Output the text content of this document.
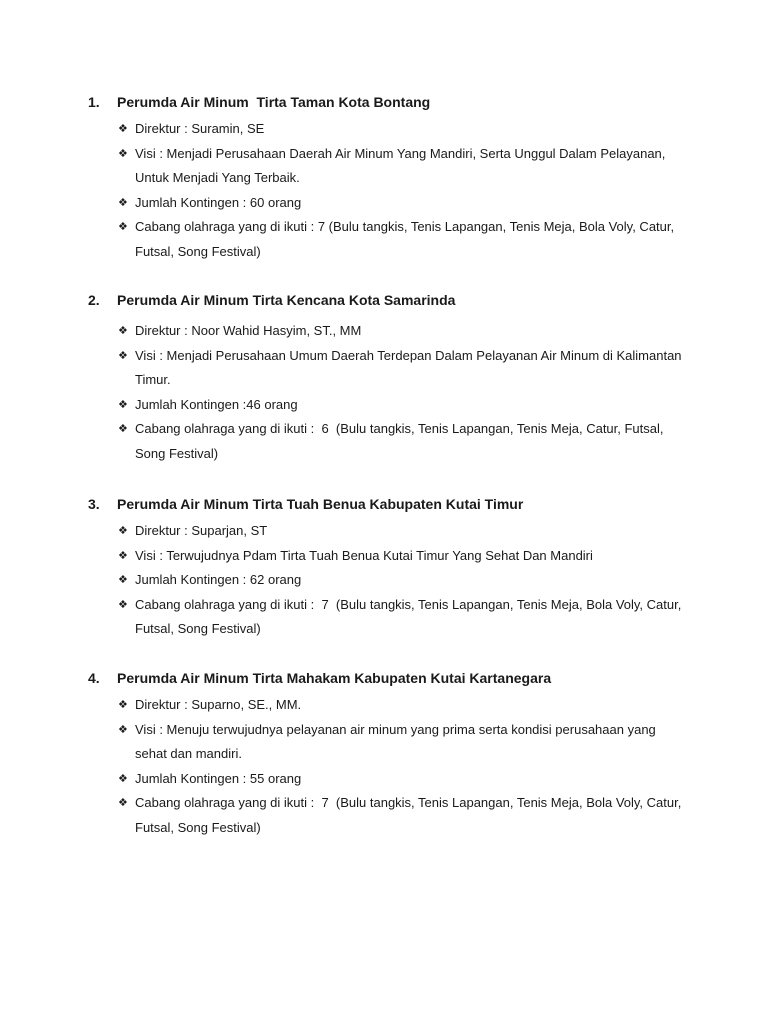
1.	Perumda Air Minum  Tirta Taman Kota Bontang
❖ Direktur : Suramin, SE
❖ Visi : Menjadi Perusahaan Daerah Air Minum Yang Mandiri, Serta Unggul Dalam Pelayanan, Untuk Menjadi Yang Terbaik.
❖ Jumlah Kontingen : 60 orang
❖ Cabang olahraga yang di ikuti : 7 (Bulu tangkis, Tenis Lapangan, Tenis Meja, Bola Voly, Catur, Futsal, Song Festival)
2.	Perumda Air Minum Tirta Kencana Kota Samarinda
❖ Direktur : Noor Wahid Hasyim, ST., MM
❖ Visi : Menjadi Perusahaan Umum Daerah Terdepan Dalam Pelayanan Air Minum di Kalimantan Timur.
❖ Jumlah Kontingen :46 orang
❖ Cabang olahraga yang di ikuti :  6  (Bulu tangkis, Tenis Lapangan, Tenis Meja, Catur, Futsal, Song Festival)
3.	Perumda Air Minum Tirta Tuah Benua Kabupaten Kutai Timur
❖ Direktur : Suparjan, ST
❖ Visi : Terwujudnya Pdam Tirta Tuah Benua Kutai Timur Yang Sehat Dan Mandiri
❖ Jumlah Kontingen : 62 orang
❖ Cabang olahraga yang di ikuti :  7  (Bulu tangkis, Tenis Lapangan, Tenis Meja, Bola Voly, Catur, Futsal, Song Festival)
4.	Perumda Air Minum Tirta Mahakam Kabupaten Kutai Kartanegara
❖ Direktur : Suparno, SE., MM.
❖ Visi : Menuju terwujudnya pelayanan air minum yang prima serta kondisi perusahaan yang sehat dan mandiri.
❖ Jumlah Kontingen : 55 orang
❖ Cabang olahraga yang di ikuti :  7  (Bulu tangkis, Tenis Lapangan, Tenis Meja, Bola Voly, Catur, Futsal, Song Festival)
